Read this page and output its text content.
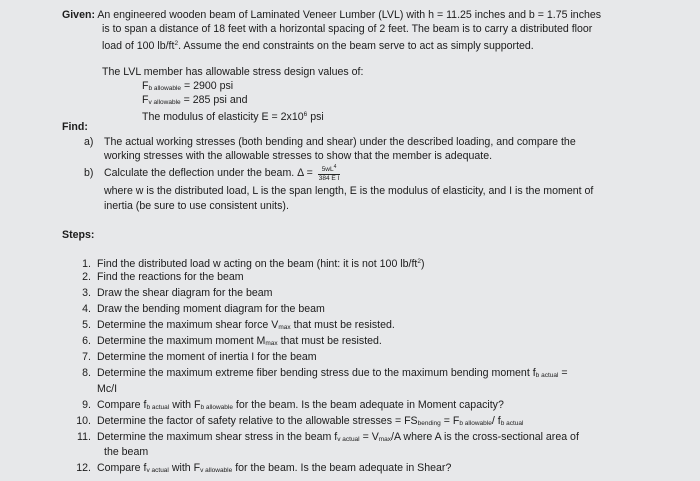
Given: An engineered wooden beam of Laminated Veneer Lumber (LVL) with h = 11.25 inches and b = 1.75 inches
is to span a distance of 18 feet with a horizontal spacing of 2 feet. The beam is to carry a distributed floor
load of 100 $lb/ft^2$. Assume the end constraints on the beam serve to act as simply supported.
The LVL member has allowable stress design values of:
Fb allowable = 2900 psi
Fv allowable = 285 psi and
The modulus of elasticity $E = 2x10^6$ psi
Find:
a) The actual working stresses (both bending and shear) under the described loading, and compare the
working stresses with the allowable stresses to show that the member is adequate.
b) Calculate the deflection under the beam. $\Delta = \frac{5wL^4}{\text{384 E I}}$
where w is the distributed load, L is the span length, E is the modulus of elasticity, and I is the moment of
inertia (be sure to use consistent units).
Steps:
1. Find the distributed load w acting on the beam (hint: it is not 100 $lb/ft^2$)
2. Find the reactions for the beam
3. Draw the shear diagram for the beam
4. Draw the bending moment diagram for the beam
5. Determine the maximum shear force Vmax that must be resisted.
6. Determine the maximum moment Mmax that must be resisted.
7. Determine the moment of inertia I for the beam
8. Determine the maximum extreme fiber bending stress due to the maximum bending moment fb actual =
Mc/I
9. Compare fb actual with Fb allowable for the beam. Is the beam adequate in Moment capacity?
10. Determine the factor of safety relative to the allowable stresses = FSbending = Fb allowable/ fb actual
11. Determine the maximum shear stress in the beam fv actual = Vmax/A where A is the cross-sectional area of
the beam
12. Compare fv actual with Fv allowable for the beam. Is the beam adequate in Shear?
